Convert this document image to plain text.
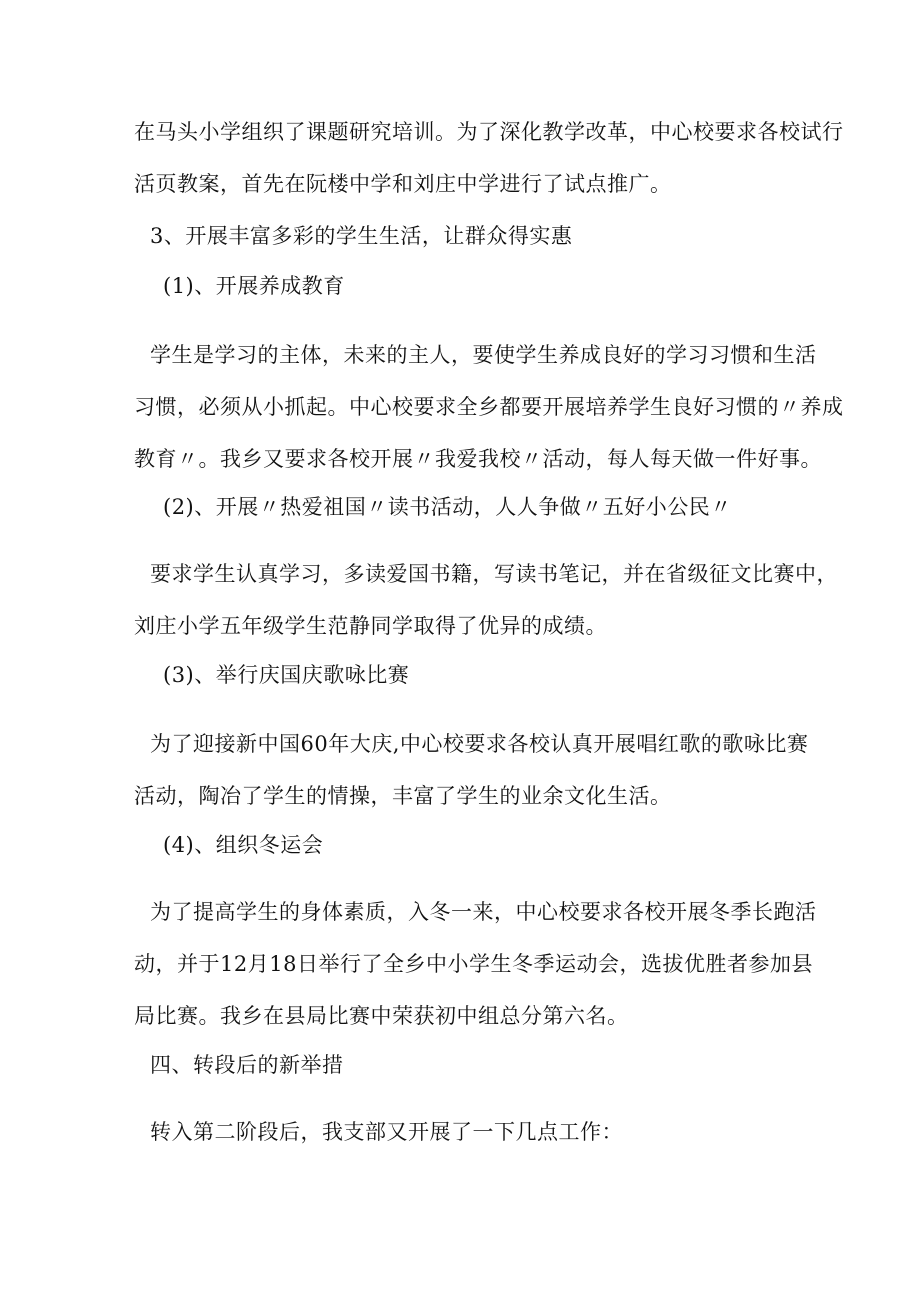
在马头小学组织了课题研究培训。为了深化教学改革，中心校要求各校试行
活页教案，首先在阮楼中学和刘庄中学进行了试点推广。
3、开展丰富多彩的学生生活，让群众得实惠
(1)、开展养成教育
学生是学习的主体，未来的主人，要使学生养成良好的学习习惯和生活
习惯，必须从小抓起。中心校要求全乡都要开展培养学生良好习惯的〃养成
教育〃。我乡又要求各校开展〃我爱我校〃活动，每人每天做一件好事。
(2)、开展〃热爱祖国〃读书活动，人人争做〃五好小公民〃
要求学生认真学习，多读爱国书籍，写读书笔记，并在省级征文比赛中，
刘庄小学五年级学生范静同学取得了优异的成绩。
(3)、举行庆国庆歌咏比赛
为了迎接新中国60年大庆,中心校要求各校认真开展唱红歌的歌咏比赛
活动，陶冶了学生的情操，丰富了学生的业余文化生活。
(4)、组织冬运会
为了提高学生的身体素质，入冬一来，中心校要求各校开展冬季长跑活
动，并于12月18日举行了全乡中小学生冬季运动会，选拔优胜者参加县
局比赛。我乡在县局比赛中荣获初中组总分第六名。
四、转段后的新举措
转入第二阶段后，我支部又开展了一下几点工作：
